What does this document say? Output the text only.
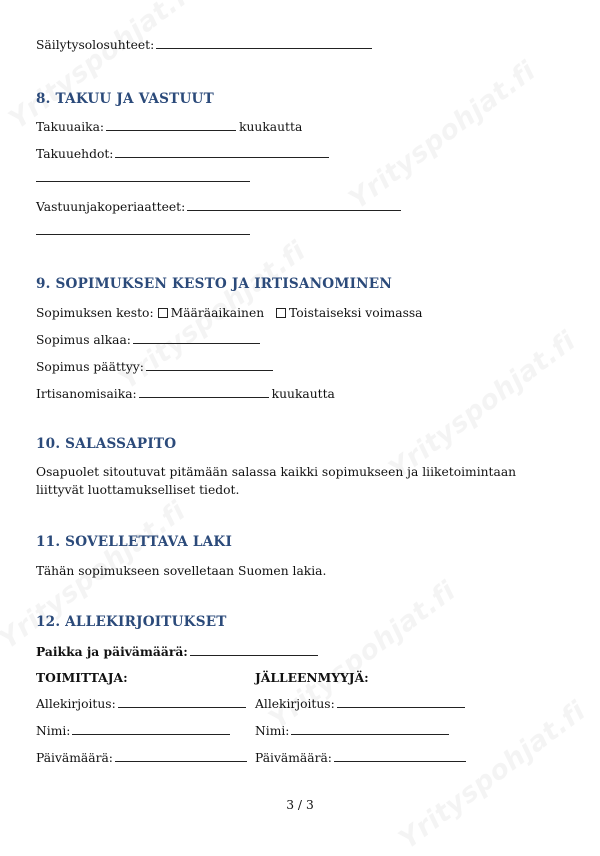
Säilytysolosuhteet:
8. TAKUU JA VASTUUT
Takuuaika:	kuukautta
Takuuehdot:
Vastuunjakoperiaatteet:
9. SOPIMUKSEN KESTO JA IRTISANOMINEN
Sopimuksen kesto: Määräaikainen Toistaiseksi voimassa
Sopimus alkaa:
Sopimus päättyy:
Irtisanomisaika:	kuukautta
10. SALASSAPITO
Osapuolet sitoutuvat pitämään salassa kaikki sopimukseen ja liiketoimintaan liittyvät luottamukselliset tiedot.
11. SOVELLETTAVA LAKI
Tähän sopimukseen sovelletaan Suomen lakia.
12. ALLEKIRJOITUKSET
Paikka ja päivämäärä:
TOIMITTAJA:
Allekirjoitus:
Nimi:
Päivämäärä:
JÄLLEENMYYJÄ:
Allekirjoitus:
Nimi:
Päivämäärä:
3 / 3
